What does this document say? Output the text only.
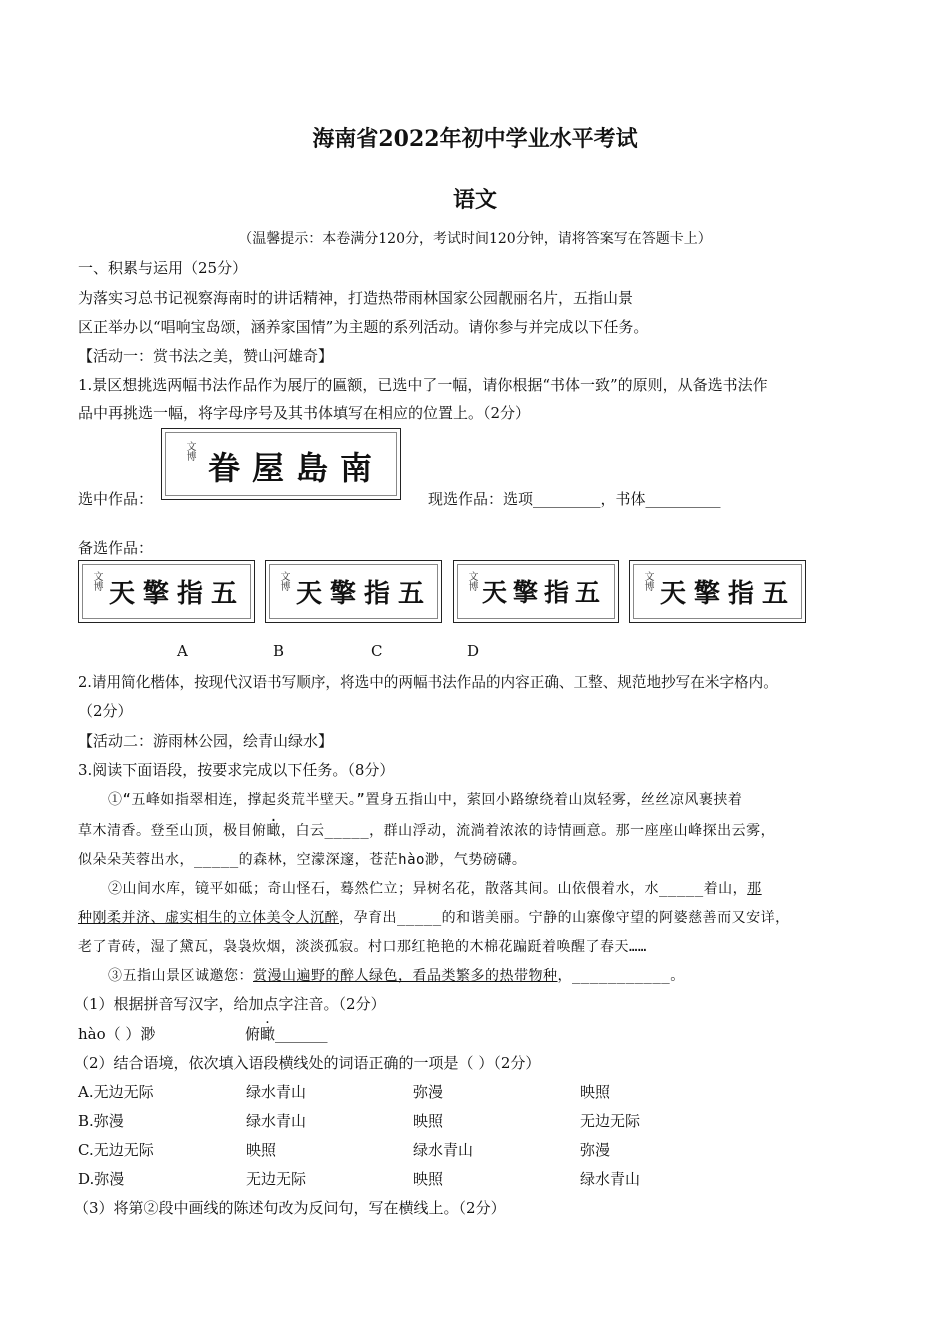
海南省2022年初中学业水平考试
语文
（温馨提示：本卷满分120分，考试时间120分钟，请将答案写在答题卡上）
一、积累与运用（25分）
为落实习总书记视察海南时的讲话精神，打造热带雨林国家公园靓丽名片，五指山景
区正举办以“唱响宝岛颂，涵养家国情”为主题的系列活动。请你参与并完成以下任务。
【活动一：赏书法之美，赞山河雄奇】
1.景区想挑选两幅书法作品作为展厅的匾额，已选中了一幅，请你根据“书体一致”的原则，从备选书法作
品中再挑选一幅，将字母序号及其书体填写在相应的位置上。（2分）
选中作品：
文博 眷屋島南
现选作品：选项_________，书体__________
备选作品：
文博 五指擎天	文博 五指擎天	文博 五指擎天	文博 五指擎天
A	B	C	D
2.请用简化楷体，按现代汉语书写顺序，将选中的两幅书法作品的内容正确、工整、规范地抄写在米字格内。
（2分）
【活动二：游雨林公园，绘青山绿水】
3.阅读下面语段，按要求完成以下任务。（8分）
①“五峰如指翠相连，撑起炎荒半壁天。”置身五指山中，萦回小路缭绕着山岚轻雾，丝丝凉风裹挟着
草木清香。登至山顶，极目俯瞰，白云_____，群山浮动，流淌着浓浓的诗情画意。那一座座山峰探出云雾，
似朵朵芙蓉出水，_____的森林，空濛深邃，苍茫hào渺，气势磅礴。
②山间水库，镜平如砥；奇山怪石，蓦然伫立；异树名花，散落其间。山依偎着水，水_____着山，那
种刚柔并济、虚实相生的立体美令人沉醉，孕育出_____的和谐美丽。宁静的山寨像守望的阿婆慈善而又安详，
老了青砖，湿了黛瓦，袅袅炊烟，淡淡孤寂。村口那红艳艳的木棉花蹁跹着唤醒了春天……
③五指山景区诚邀您：赏漫山遍野的醉人绿色，看品类繁多的热带物种，___________。
（1）根据拼音写汉字，给加点字注音。（2分）
hào（ ）渺	俯瞰_______
（2）结合语境，依次填入语段横线处的词语正确的一项是（ ）（2分）
A.无边无际	绿水青山	弥漫	映照
B.弥漫	绿水青山	映照	无边无际
C.无边无际	映照	绿水青山	弥漫
D.弥漫	无边无际	映照	绿水青山
（3）将第②段中画线的陈述句改为反问句，写在横线上。（2分）
